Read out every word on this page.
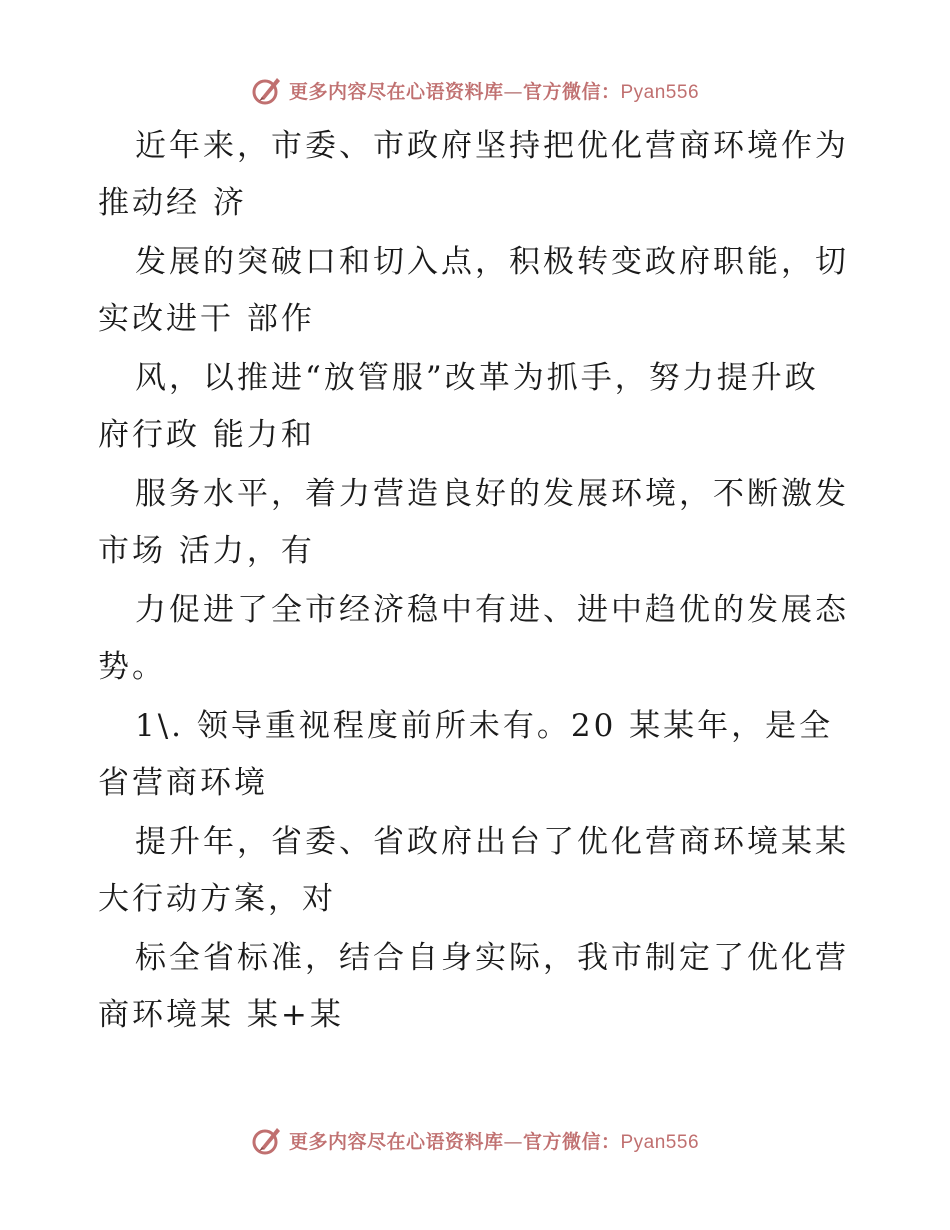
更多内容尽在心语资料库—官方微信：Pyan556
近年来，市委、市政府坚持把优化营商环境作为
推动经 济
发展的突破口和切入点，积极转变政府职能，切
实改进干 部作
风，以推进“放管服”改革为抓手，努力提升政
府行政 能力和
服务水平，着力营造良好的发展环境，不断激发
市场 活力，有
力促进了全市经济稳中有进、进中趋优的发展态
势。
1\. 领导重视程度前所未有。20 某某年，是全
省营商环境
提升年，省委、省政府出台了优化营商环境某某
大行动方案，对
标全省标准，结合自身实际，我市制定了优化营
商环境某 某+某
更多内容尽在心语资料库—官方微信：Pyan556
